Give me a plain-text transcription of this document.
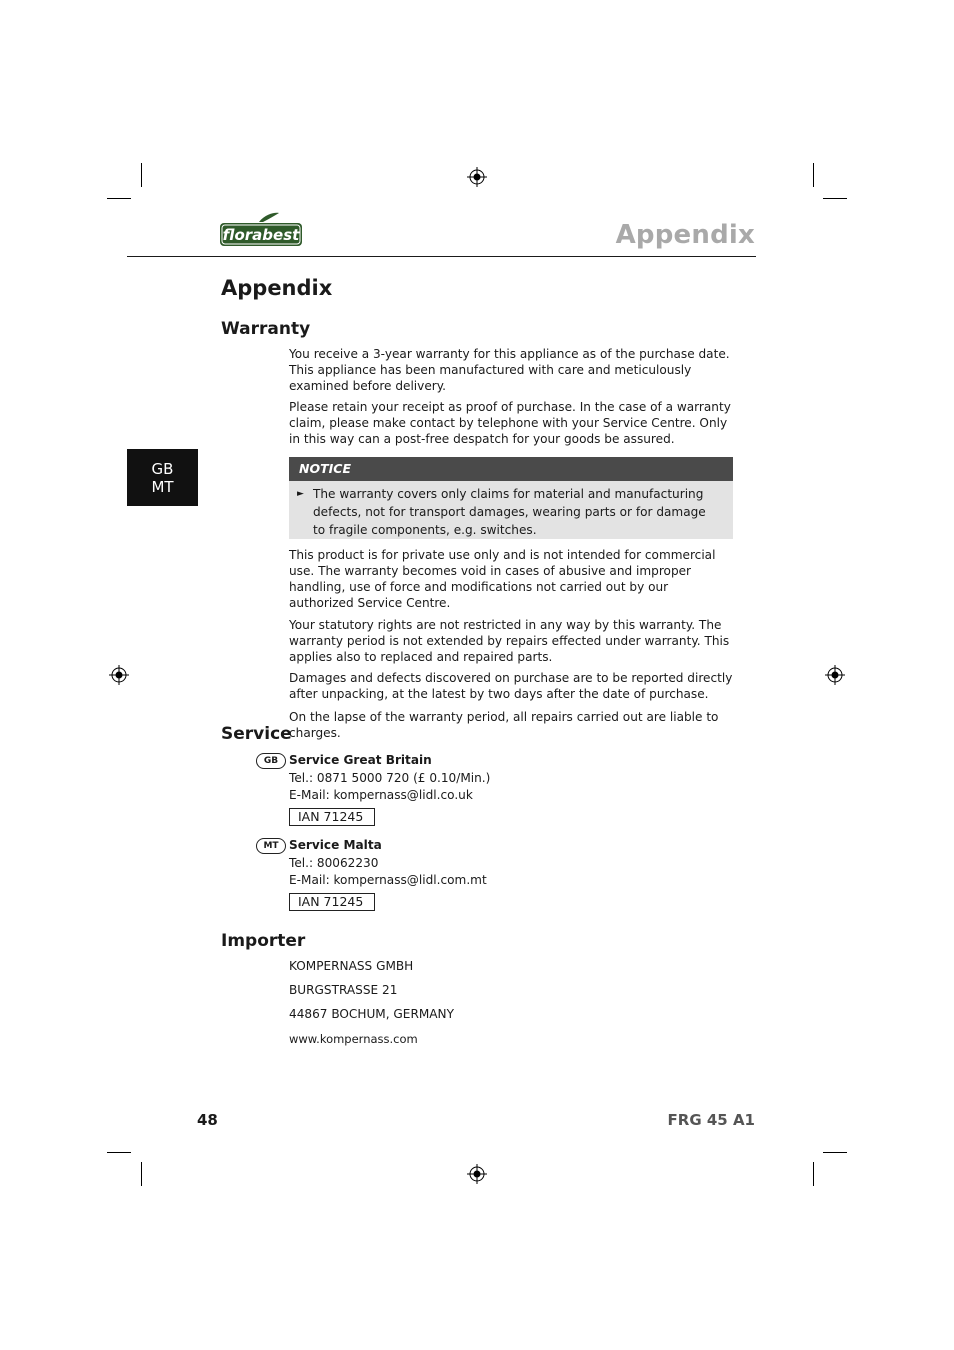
florabest	Appendix
GB
MT
Appendix
Warranty

You receive a 3-year warranty for this appliance as of the purchase date. This appliance has been manufactured with care and meticulously examined before delivery.

Please retain your receipt as proof of purchase. In the case of a warranty claim, please make contact by telephone with your Service Centre. Only in this way can a post-free despatch for your goods be assured.

NOTICE
► The warranty covers only claims for material and manufacturing defects, not for transport damages, wearing parts or for damage to fragile components, e.g. switches.

This product is for private use only and is not intended for commercial use. The warranty becomes void in cases of abusive and improper handling, use of force and modifications not carried out by our authorized Service Centre.

Your statutory rights are not restricted in any way by this warranty. The warranty period is not extended by repairs effected under warranty. This applies also to replaced and repaired parts.

Damages and defects discovered on purchase are to be reported directly after unpacking, at the latest by two days after the date of purchase.

On the lapse of the warranty period, all repairs carried out are liable to charges.

Service
GB Service Great Britain
Tel.: 0871 5000 720 (£ 0.10/Min.)
E-Mail: kompernass@lidl.co.uk
IAN 71245
MT Service Malta
Tel.: 80062230
E-Mail: kompernass@lidl.com.mt
IAN 71245
Importer
KOMPERNASS GMBH
BURGSTRASSE 21
44867 BOCHUM, GERMANY
www.kompernass.com
48	FRG 45 A1
